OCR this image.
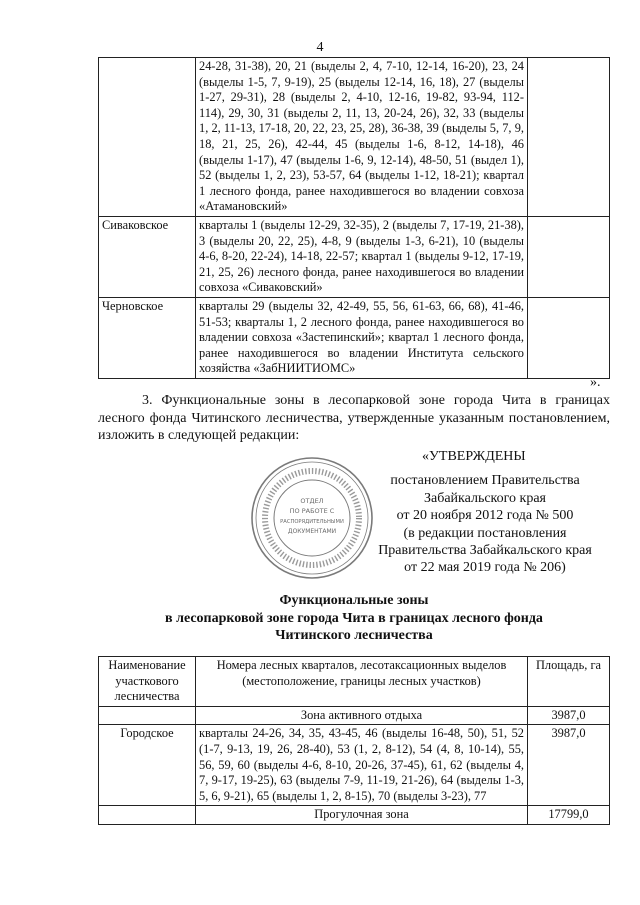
4
	24-28, 31-38), 20, 21 (выделы 2, 4, 7-10, 12-14, 16-20), 23, 24 (выделы 1-5, 7, 9-19), 25 (выделы 12-14, 16, 18), 27 (выделы 1-27, 29-31), 28 (выделы 2, 4-10, 12-16, 19-82, 93-94, 112-114), 29, 30, 31 (выделы 2, 11, 13, 20-24, 26), 32, 33 (выделы 1, 2, 11-13, 17-18, 20, 22, 23, 25, 28), 36-38, 39 (выделы 5, 7, 9, 18, 21, 25, 26), 42-44, 45 (выделы 1-6, 8-12, 14-18), 46 (выделы 1-17), 47 (выделы 1-6, 9, 12-14), 48-50, 51 (выдел 1), 52 (выделы 1, 2, 23), 53-57, 64 (выделы 1-12, 18-21); квартал 1 лесного фонда, ранее находившегося во владении совхоза «Атамановский»	
Сиваковское	кварталы 1 (выделы 12-29, 32-35), 2 (выделы 7, 17-19, 21-38), 3 (выделы 20, 22, 25), 4-8, 9 (выделы 1-3, 6-21), 10 (выделы 4-6, 8-20, 22-24), 14-18, 22-57; квартал 1 (выделы 9-12, 17-19, 21, 25, 26) лесного фонда, ранее находившегося во владении совхоза «Сиваковский»	
Черновское	кварталы 29 (выделы 32, 42-49, 55, 56, 61-63, 66, 68), 41-46, 51-53; кварталы 1, 2 лесного фонда, ранее находившегося во владении совхоза «Застепинский»; квартал 1 лесного фонда, ранее находившегося во владении Института сельского хозяйства «ЗабНИИТИОМС»	
».
3. Функциональные зоны в лесопарковой зоне города Чита в границах лесного фонда Читинского лесничества, утвержденные указанным постановлением, изложить в следующей редакции:
ОТДЕЛ
ПО РАБОТЕ С
РАСПОРЯДИТЕЛЬНЫМИ
ДОКУМЕНТАМИ
«УТВЕРЖДЕНЫ
постановлением Правительства
Забайкальского края
от 20 ноября 2012 года № 500
(в редакции постановления
Правительства Забайкальского края
от 22 мая 2019 года № 206)
Функциональные зоны
в лесопарковой зоне города Чита в границах лесного фонда
Читинского лесничества
Наименование участкового лесничества	Номера лесных кварталов, лесотаксационных выделов (местоположение, границы лесных участков)	Площадь, га
	Зона активного отдыха	3987,0
Городское	кварталы 24-26, 34, 35, 43-45, 46 (выделы 16-48, 50), 51, 52 (1-7, 9-13, 19, 26, 28-40), 53 (1, 2, 8-12), 54 (4, 8, 10-14), 55, 56, 59, 60 (выделы 4-6, 8-10, 20-26, 37-45), 61, 62 (выделы 4, 7, 9-17, 19-25), 63 (выделы 7-9, 11-19, 21-26), 64 (выделы 1-3, 5, 6, 9-21), 65 (выделы 1, 2, 8-15), 70 (выделы 3-23), 77	3987,0
	Прогулочная зона	17799,0
